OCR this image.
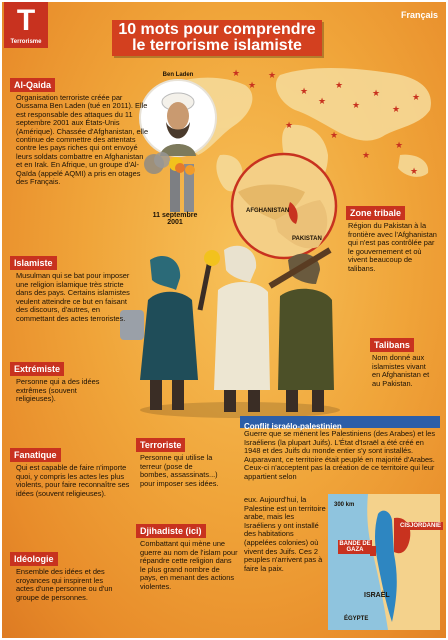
★
★
★
★
★
★
★
★
★
★
★
★
★
★
★
T
Terrorisme
Français
10 mots pour comprendre
le terrorisme islamiste
Ben Laden
11 septembre
2001
AFGHANISTAN
PAKISTAN
Al-Qaida
Organisation terroriste créée par Oussama Ben Laden (tué en 2011). Elle est responsable des attaques du 11 septembre 2001 aux États-Unis (Amérique). Chassée d'Afghanistan, elle continue de commettre des attentats contre les pays riches qui ont envoyé leurs soldats combattre en Afghanistan et en Irak. En Afrique, un groupe d'Al-Qaïda (appelé AQMI) a pris en otages des Français.
Zone tribale
Région du Pakistan à la frontière avec l'Afghanistan qui n'est pas contrôlée par le gouvernement et où vivent beaucoup de talibans.
Islamiste
Musulman qui se bat pour imposer une religion islamique très stricte dans des pays. Certains islamistes veulent atteindre ce but en faisant des discours, d'autres, en commettant des actes terroristes.
Talibans
Nom donné aux islamistes vivant en Afghanistan et au Pakistan.
Extrémiste
Personne qui a des idées extrêmes (souvent religieuses).
Conflit israélo-palestinien
Guerre que se mènent les Palestiniens (des Arabes) et les Israéliens (la plupart Juifs). L'État d'Israël a été créé en 1948 et des Juifs du monde entier s'y sont installés. Auparavant, ce territoire était peuplé en majorité d'Arabes. Ceux-ci n'acceptent pas la création de ce territoire qui leur appartient selon
eux. Aujourd'hui, la Palestine est un territoire arabe, mais les Israéliens y ont installé des habitations (appelées colonies) où vivent des Juifs. Ces 2 peuples n'arrivent pas à faire la paix.
300 km
CISJORDANIE
BANDE DE GAZA
ISRAËL
ÉGYPTE
Fanatique
Qui est capable de faire n'importe quoi, y compris les actes les plus violents, pour faire reconnaître ses idées (souvent religieuses).
Terroriste
Personne qui utilise la terreur (pose de bombes, assassinats...) pour imposer ses idées.
Djihadiste (ici)
Combattant qui mène une guerre au nom de l'islam pour répandre cette religion dans le plus grand nombre de pays, en menant des actions violentes.
Idéologie
Ensemble des idées et des croyances qui inspirent les actes d'une personne ou d'un groupe de personnes.
